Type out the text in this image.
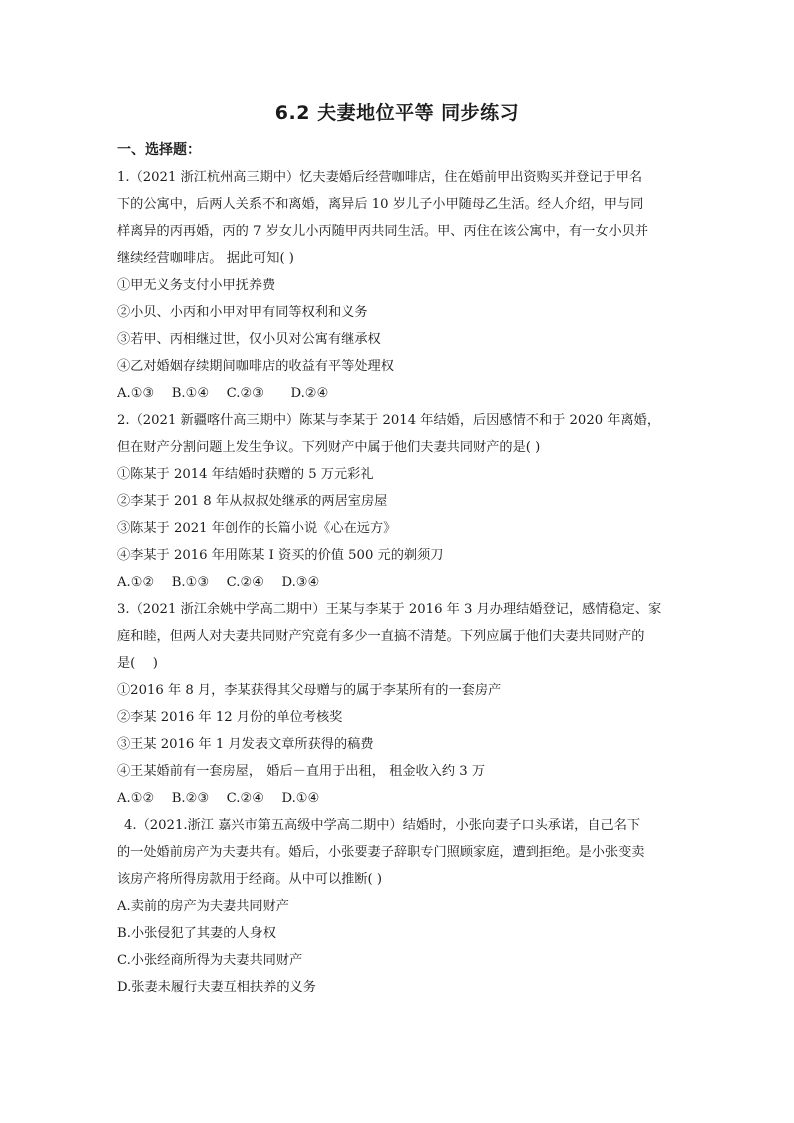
6.2 夫妻地位平等 同步练习
一、选择题：
1.（2021 浙江杭州高三期中）忆夫妻婚后经营咖啡店，住在婚前甲出资购买并登记于甲名
下的公寓中，后两人关系不和离婚，离异后 10 岁儿子小甲随母乙生活。经人介绍，甲与同
样离异的丙再婚，丙的 7 岁女儿小丙随甲丙共同生活。甲、丙住在该公寓中，有一女小贝并
继续经营咖啡店。 据此可知( )
①甲无义务支付小甲抚养费
②小贝、小丙和小甲对甲有同等权利和义务
③若甲、丙相继过世，仅小贝对公寓有继承权
④乙对婚姻存续期间咖啡店的收益有平等处理权
A.①③　 B.①④　 C.②③　　D.②④
2.（2021 新疆喀什高三期中）陈某与李某于 2014 年结婚，后因感情不和于 2020 年离婚，
但在财产分割问题上发生争议。下列财产中属于他们夫妻共同财产的是( )
①陈某于 2014 年结婚时获赠的 5 万元彩礼
②李某于 201 8 年从叔叔处继承的两居室房屋
③陈某于 2021 年创作的长篇小说《心在远方》
④李某于 2016 年用陈某 I 资买的价值 500 元的剃须刀
A.①②　 B.①③　 C.②④　 D.③④
3.（2021 浙江余姚中学高二期中）王某与李某于 2016 年 3 月办理结婚登记，感情稳定、家
庭和睦，但两人对夫妻共同财产究竟有多少一直搞不清楚。下列应属于他们夫妻共同财产的
是(　 )
①2016 年 8 月，李某获得其父母赠与的属于李某所有的一套房产
②李某 2016 年 12 月份的单位考核奖
③王某 2016 年 1 月发表文章所获得的稿费
④王某婚前有一套房屋， 婚后－直用于出租， 租金收入约 3 万
A.①②　 B.②③　 C.②④　 D.①④
4.（2021.浙江 嘉兴市第五高级中学高二期中）结婚时，小张向妻子口头承诺，自己名下
的一处婚前房产为夫妻共有。婚后，小张要妻子辞职专门照顾家庭，遭到拒绝。是小张变卖
该房产将所得房款用于经商。从中可以推断( )
A.卖前的房产为夫妻共同财产
B.小张侵犯了其妻的人身权
C.小张经商所得为夫妻共同财产
D.张妻未履行夫妻互相扶养的义务
